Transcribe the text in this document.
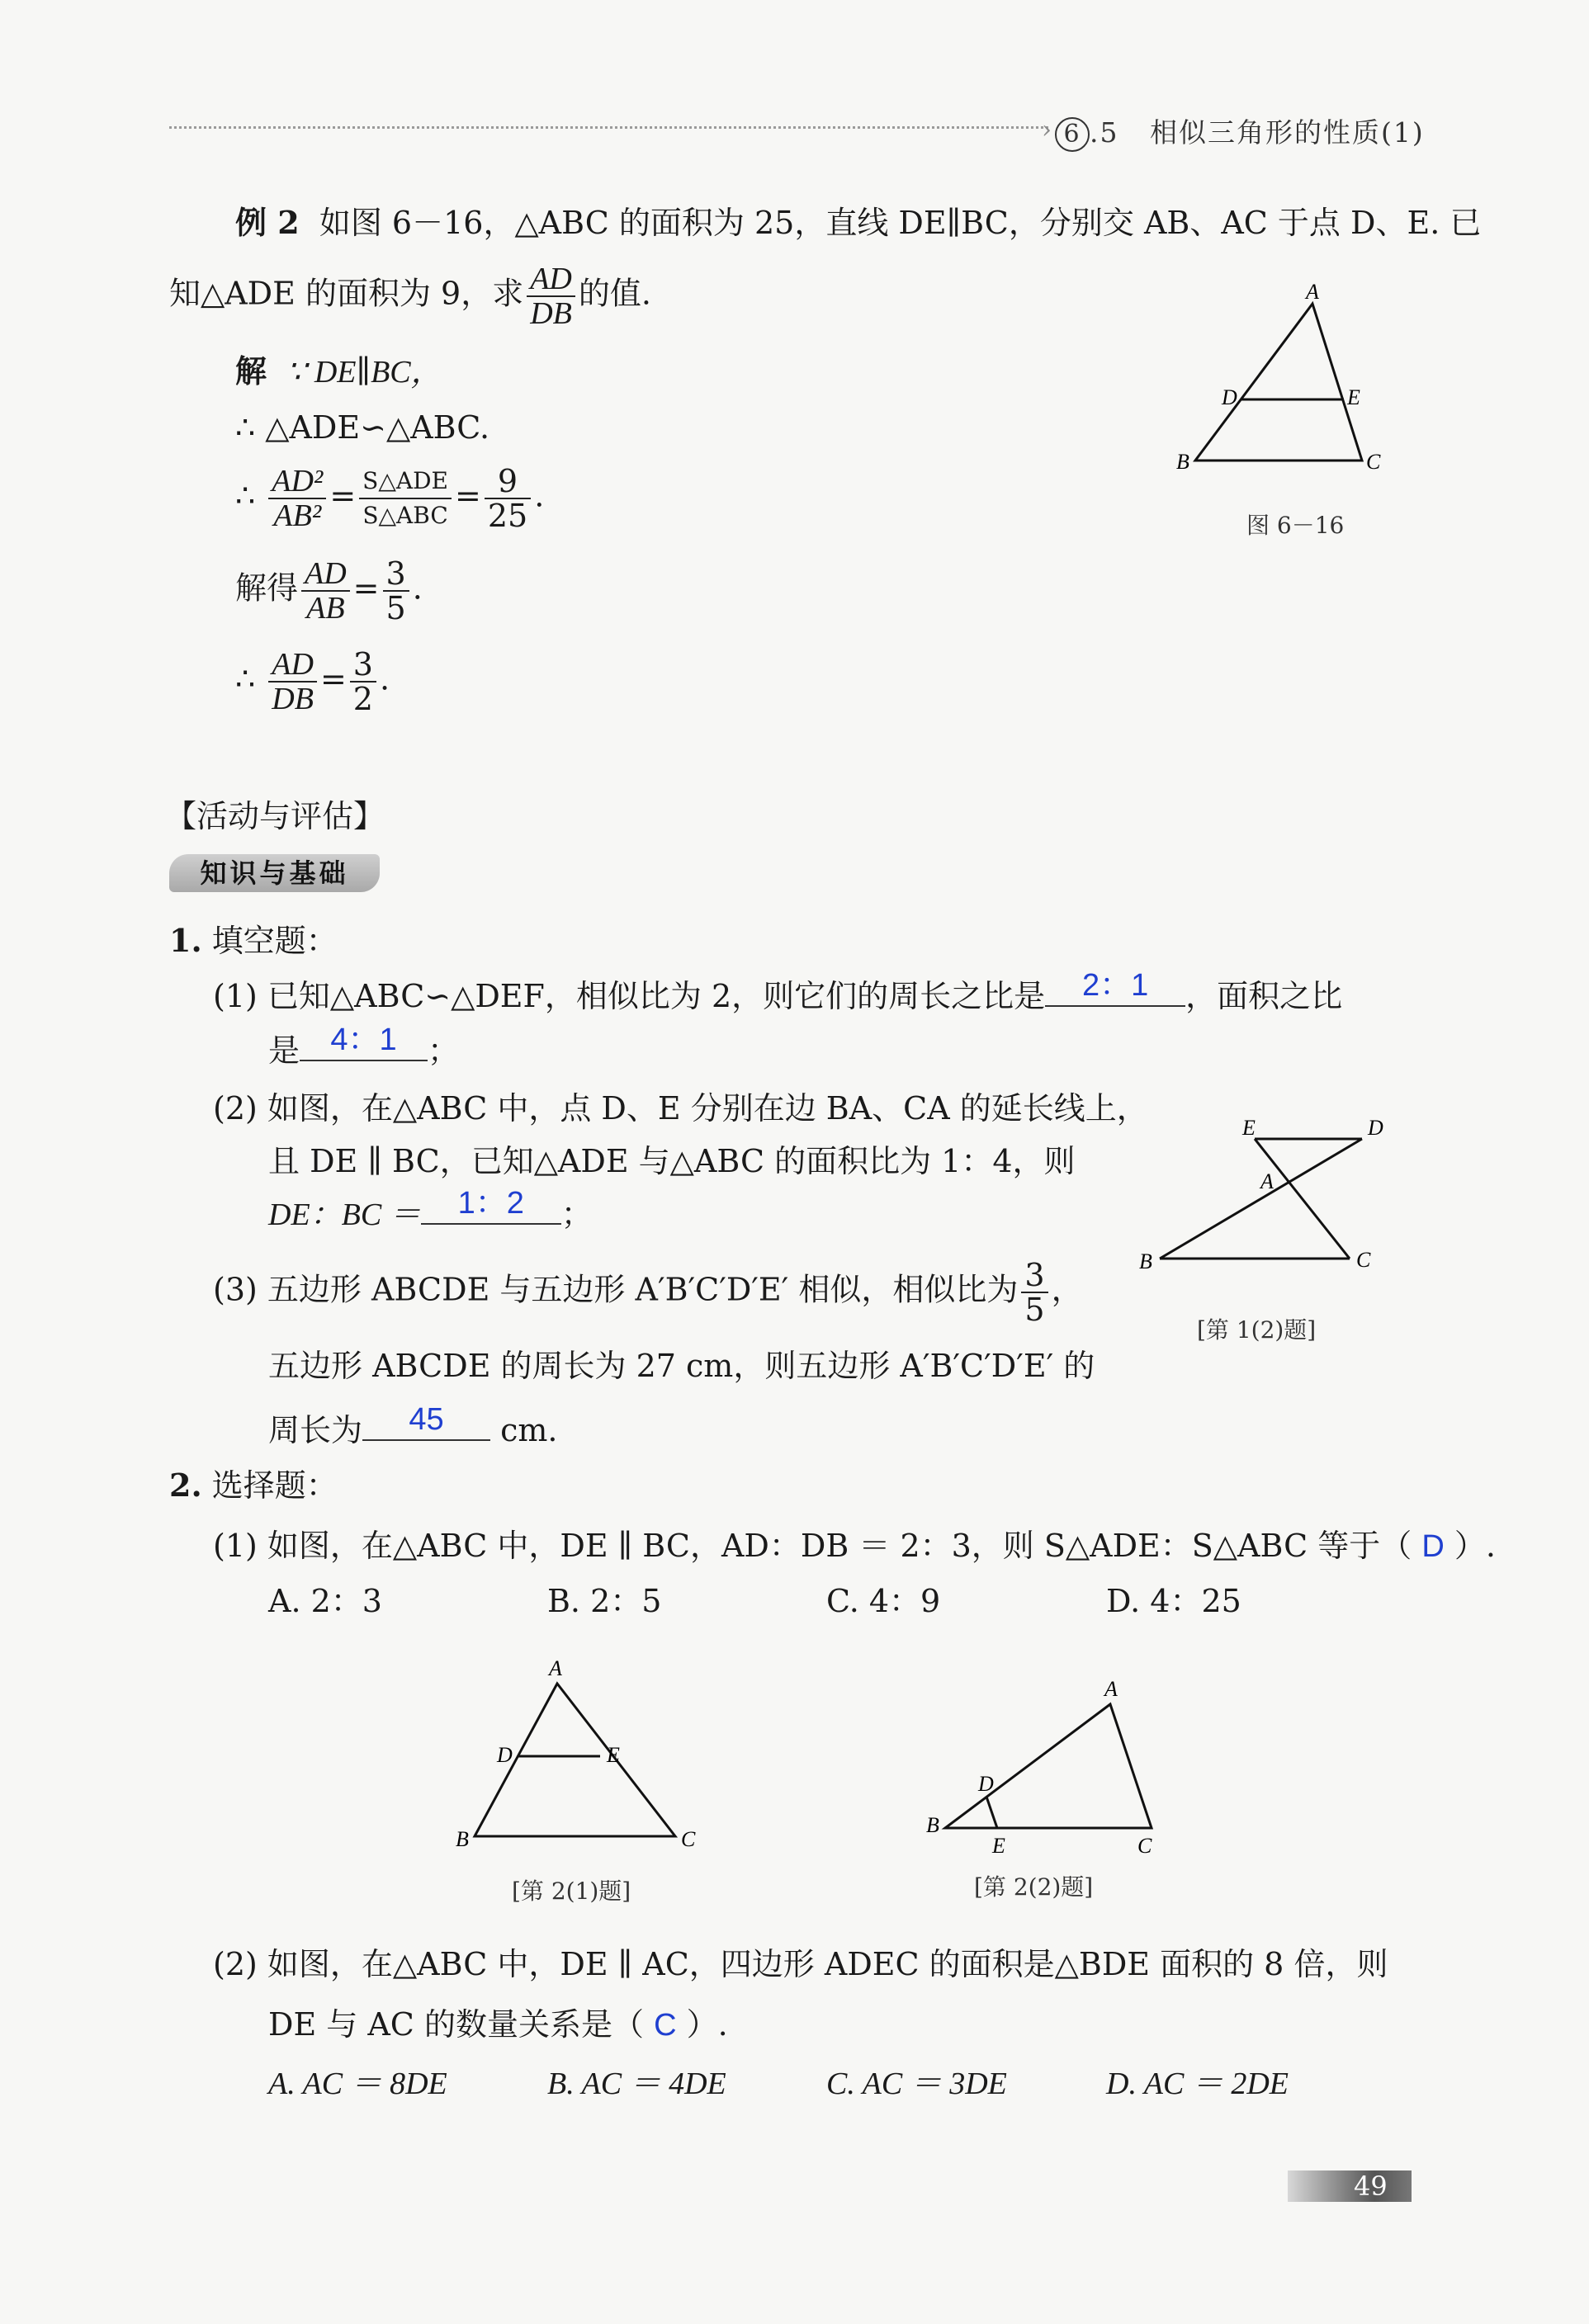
› 6 .5 相似三角形的性质(1)
例 2 如图 6－16，△ABC 的面积为 25，直线 DE∥BC，分别交 AB、AC 于点 D、E. 已
知△ADE 的面积为 9，求 $\frac{AD}{DB}$ 的值.
解 ∵ DE∥BC，
∴ △ADE∽△ABC.
∴ $\frac{\text{AD²}}{\text{AB²}} = \frac{\text{S△ADE}}{\text{S△ABC}} = \frac{9}{25}$ .
解得 $\frac{AD}{AB} = \frac{3}{5}$ .
∴ $\frac{AD}{DB} = \frac{3}{2}$ .
A
D	E
B	C
图 6－16
【活动与评估】
知识与基础
1. 填空题：
(1) 已知△ABC∽△DEF，相似比为 2，则它们的周长之比是 2：1 ，面积之比
是 4：1 ；
(2) 如图，在△ABC 中，点 D、E 分别在边 BA、CA 的延长线上，
且 DE ∥ BC，已知△ADE 与△ABC 的面积比为 1：4，则
DE：BC ＝ 1：2 ；
(3) 五边形 ABCDE 与五边形 A′B′C′D′E′ 相似，相似比为 $\frac{3}{5}$ ，
五边形 ABCDE 的周长为 27 cm，则五边形 A′B′C′D′E′ 的
周长为 45 cm.
E	D
A
B	C
[第 1(2)题]
2. 选择题：
(1) 如图，在△ABC 中，DE ∥ BC，AD：DB ＝ 2：3，则 S△ADE：S△ABC 等于（ D ）.
A. 2：3	B. 2：5	C. 4：9	D. 4：25
A
D	E
B	C
[第 2(1)题]
A
D
E
B
C
[第 2(2)题]
(2) 如图，在△ABC 中，DE ∥ AC，四边形 ADEC 的面积是△BDE 面积的 8 倍，则
DE 与 AC 的数量关系是（ C ）.
A. AC ＝ 8DE	B. AC ＝ 4DE	C. AC ＝ 3DE	D. AC ＝ 2DE
49
